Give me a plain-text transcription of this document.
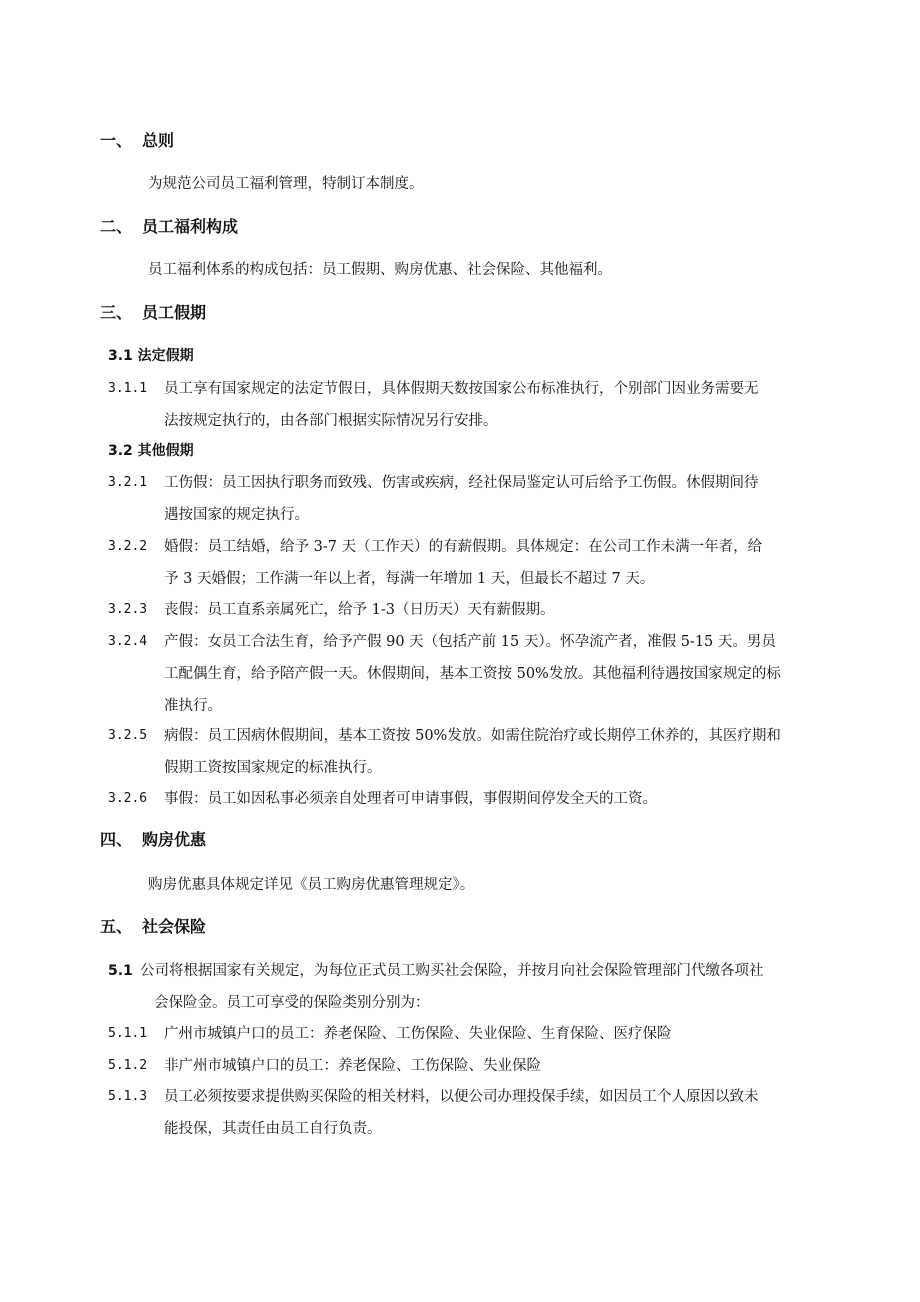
一、 总则
为规范公司员工福利管理，特制订本制度。
二、 员工福利构成
员工福利体系的构成包括：员工假期、购房优惠、社会保险、其他福利。
三、 员工假期
3.1 法定假期
3.1.1 员工享有国家规定的法定节假日，具体假期天数按国家公布标准执行，个别部门因业务需要无
法按规定执行的，由各部门根据实际情况另行安排。
3.2 其他假期
3.2.1 工伤假：员工因执行职务而致残、伤害或疾病，经社保局鉴定认可后给予工伤假。休假期间待
遇按国家的规定执行。
3.2.2 婚假：员工结婚，给予 3-7 天（工作天）的有薪假期。具体规定：在公司工作未满一年者，给
予 3 天婚假；工作满一年以上者，每满一年增加 1 天，但最长不超过 7 天。
3.2.3 丧假：员工直系亲属死亡，给予 1-3（日历天）天有薪假期。
3.2.4 产假：女员工合法生育，给予产假 90 天（包括产前 15 天）。怀孕流产者，准假 5-15 天。男员
工配偶生育，给予陪产假一天。休假期间，基本工资按 50%发放。其他福利待遇按国家规定的标
准执行。
3.2.5 病假：员工因病休假期间，基本工资按 50%发放。如需住院治疗或长期停工休养的，其医疗期和
假期工资按国家规定的标准执行。
3.2.6 事假：员工如因私事必须亲自处理者可申请事假，事假期间停发全天的工资。
四、 购房优惠
购房优惠具体规定详见《员工购房优惠管理规定》。
五、 社会保险
5.1 公司将根据国家有关规定，为每位正式员工购买社会保险，并按月向社会保险管理部门代缴各项社
会保险金。员工可享受的保险类别分别为：
5.1.1 广州市城镇户口的员工：养老保险、工伤保险、失业保险、生育保险、医疗保险
5.1.2 非广州市城镇户口的员工：养老保险、工伤保险、失业保险
5.1.3 员工必须按要求提供购买保险的相关材料，以便公司办理投保手续，如因员工个人原因以致未
能投保，其责任由员工自行负责。
